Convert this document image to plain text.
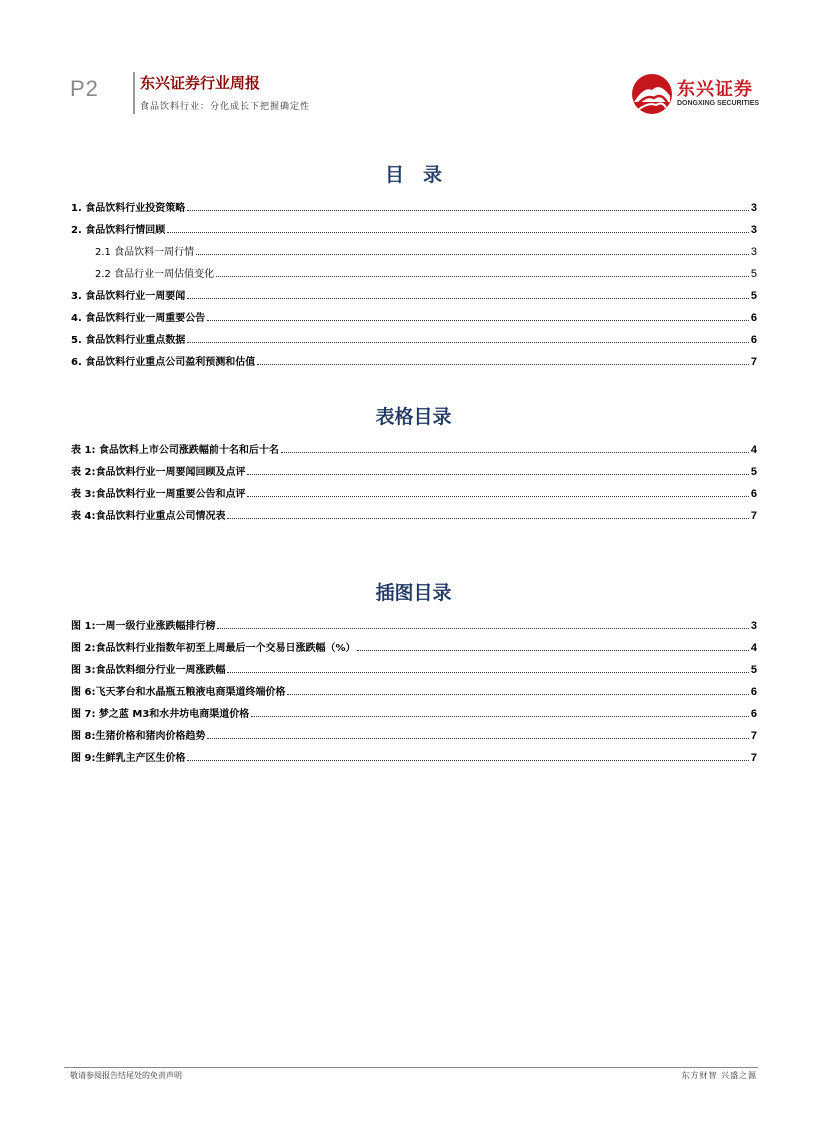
P2	东兴证券行业周报
食品饮料行业：分化成长下把握确定性
东兴证券
DONGXING SECURITIES
目　录
1. 食品饮料行业投资策略	3
2. 食品饮料行情回顾	3
2.1 食品饮料一周行情	3
2.2 食品行业一周估值变化	5
3. 食品饮料行业一周要闻	5
4. 食品饮料行业一周重要公告	6
5. 食品饮料行业重点数据	6
6. 食品饮料行业重点公司盈利预测和估值	7
表格目录
表 1: 食品饮料上市公司涨跌幅前十名和后十名	4
表 2:食品饮料行业一周要闻回顾及点评	5
表 3:食品饮料行业一周重要公告和点评	6
表 4:食品饮料行业重点公司情况表	7
插图目录
图 1:一周一级行业涨跌幅排行榜	3
图 2:食品饮料行业指数年初至上周最后一个交易日涨跌幅（%）	4
图 3:食品饮料细分行业一周涨跌幅	5
图 6:飞天茅台和水晶瓶五粮液电商渠道终端价格	6
图 7: 梦之蓝 M3和水井坊电商渠道价格	6
图 8:生猪价格和猪肉价格趋势	7
图 9:生鲜乳主产区生价格	7
敬请参阅报告结尾处的免责声明	东方财智 兴盛之源
